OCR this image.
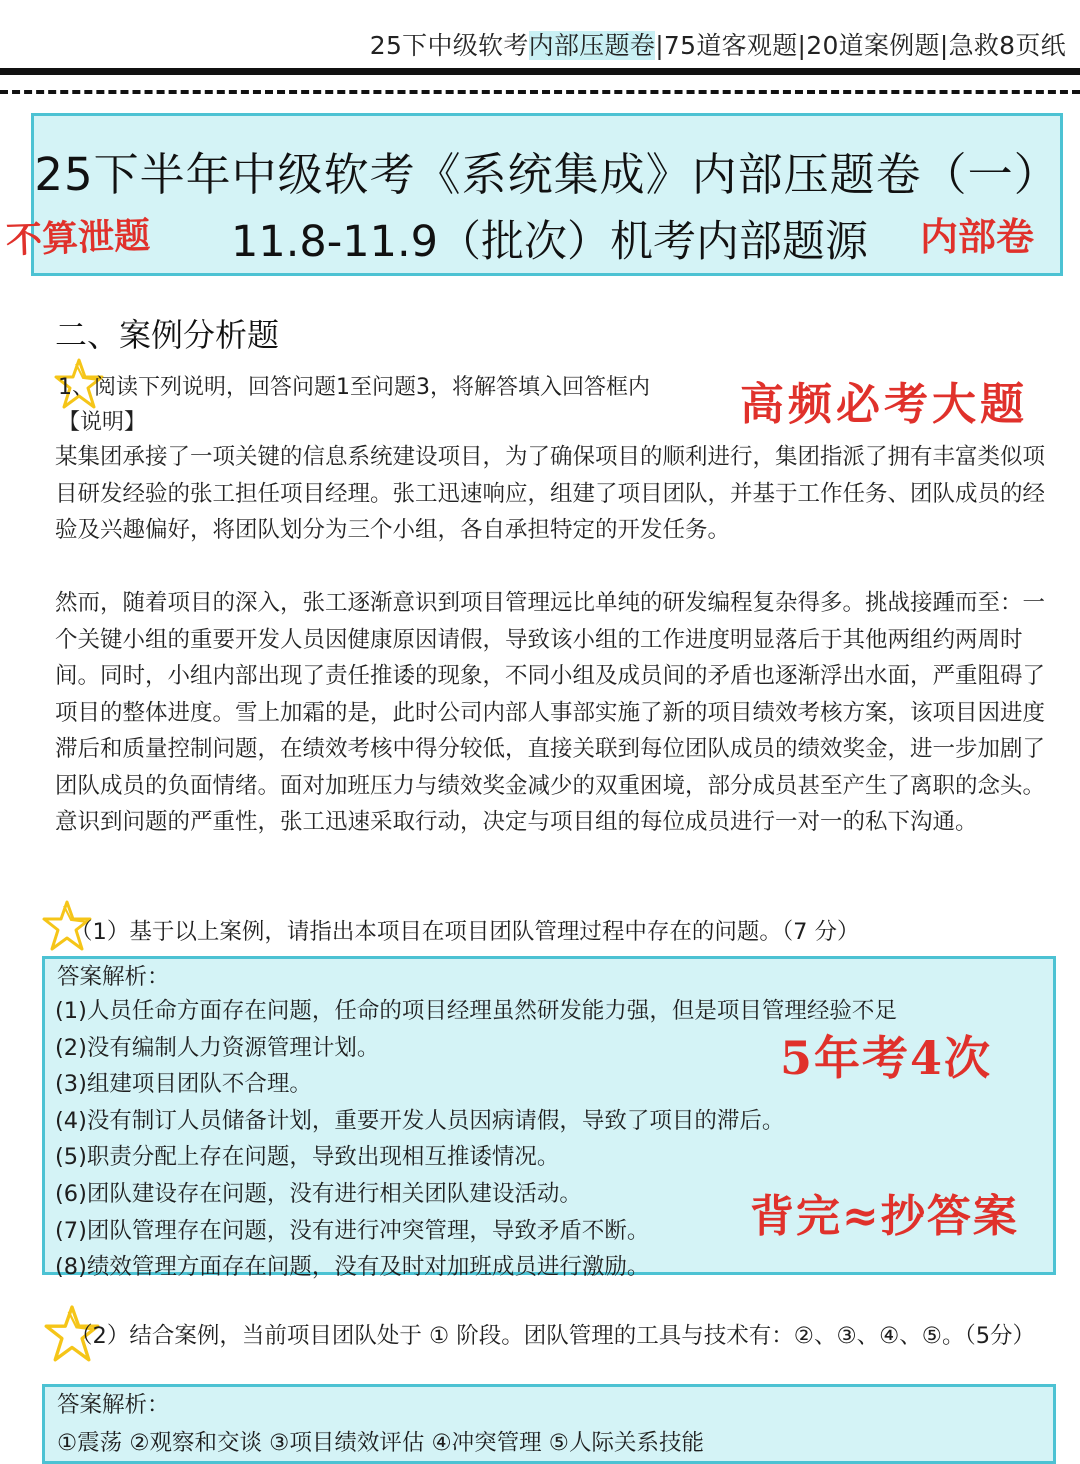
25下中级软考内部压题卷|75道客观题|20道案例题|急救8页纸
25下半年中级软考《系统集成》内部压题卷（一）
11.8-11.9（批次）机考内部题源
不算泄题	内部卷
二、案例分析题
1、阅读下列说明，回答问题1至问题3，将解答填入回答框内 高频必考大题
【说明】
某集团承接了一项关键的信息系统建设项目，为了确保项目的顺利进行，集团指派了拥有丰富类似项目研发经验的张工担任项目经理。张工迅速响应，组建了项目团队，并基于工作任务、团队成员的经验及兴趣偏好，将团队划分为三个小组，各自承担特定的开发任务。
然而，随着项目的深入，张工逐渐意识到项目管理远比单纯的研发编程复杂得多。挑战接踵而至：一个关键小组的重要开发人员因健康原因请假，导致该小组的工作进度明显落后于其他两组约两周时间。同时，小组内部出现了责任推诿的现象，不同小组及成员间的矛盾也逐渐浮出水面，严重阻碍了项目的整体进度。雪上加霜的是，此时公司内部人事部实施了新的项目绩效考核方案，该项目因进度滞后和质量控制问题，在绩效考核中得分较低，直接关联到每位团队成员的绩效奖金，进一步加剧了团队成员的负面情绪。面对加班压力与绩效奖金减少的双重困境，部分成员甚至产生了离职的念头。意识到问题的严重性，张工迅速采取行动，决定与项目组的每位成员进行一对一的私下沟通。
（1）基于以上案例，请指出本项目在项目团队管理过程中存在的问题。（7 分）
答案解析：
(1)人员任命方面存在问题，任命的项目经理虽然研发能力强，但是项目管理经验不足
(2)没有编制人力资源管理计划。
(3)组建项目团队不合理。
(4)没有制订人员储备计划，重要开发人员因病请假，导致了项目的滞后。
(5)职责分配上存在问题，导致出现相互推诿情况。
(6)团队建设存在问题，没有进行相关团队建设活动。
(7)团队管理存在问题，没有进行冲突管理，导致矛盾不断。
(8)绩效管理方面存在问题，没有及时对加班成员进行激励。
5年考4次
背完≈抄答案
（2）结合案例，当前项目团队处于 ① 阶段。团队管理的工具与技术有：②、③、④、⑤。（5分）
答案解析：
①震荡 ②观察和交谈 ③项目绩效评估 ④冲突管理 ⑤人际关系技能
